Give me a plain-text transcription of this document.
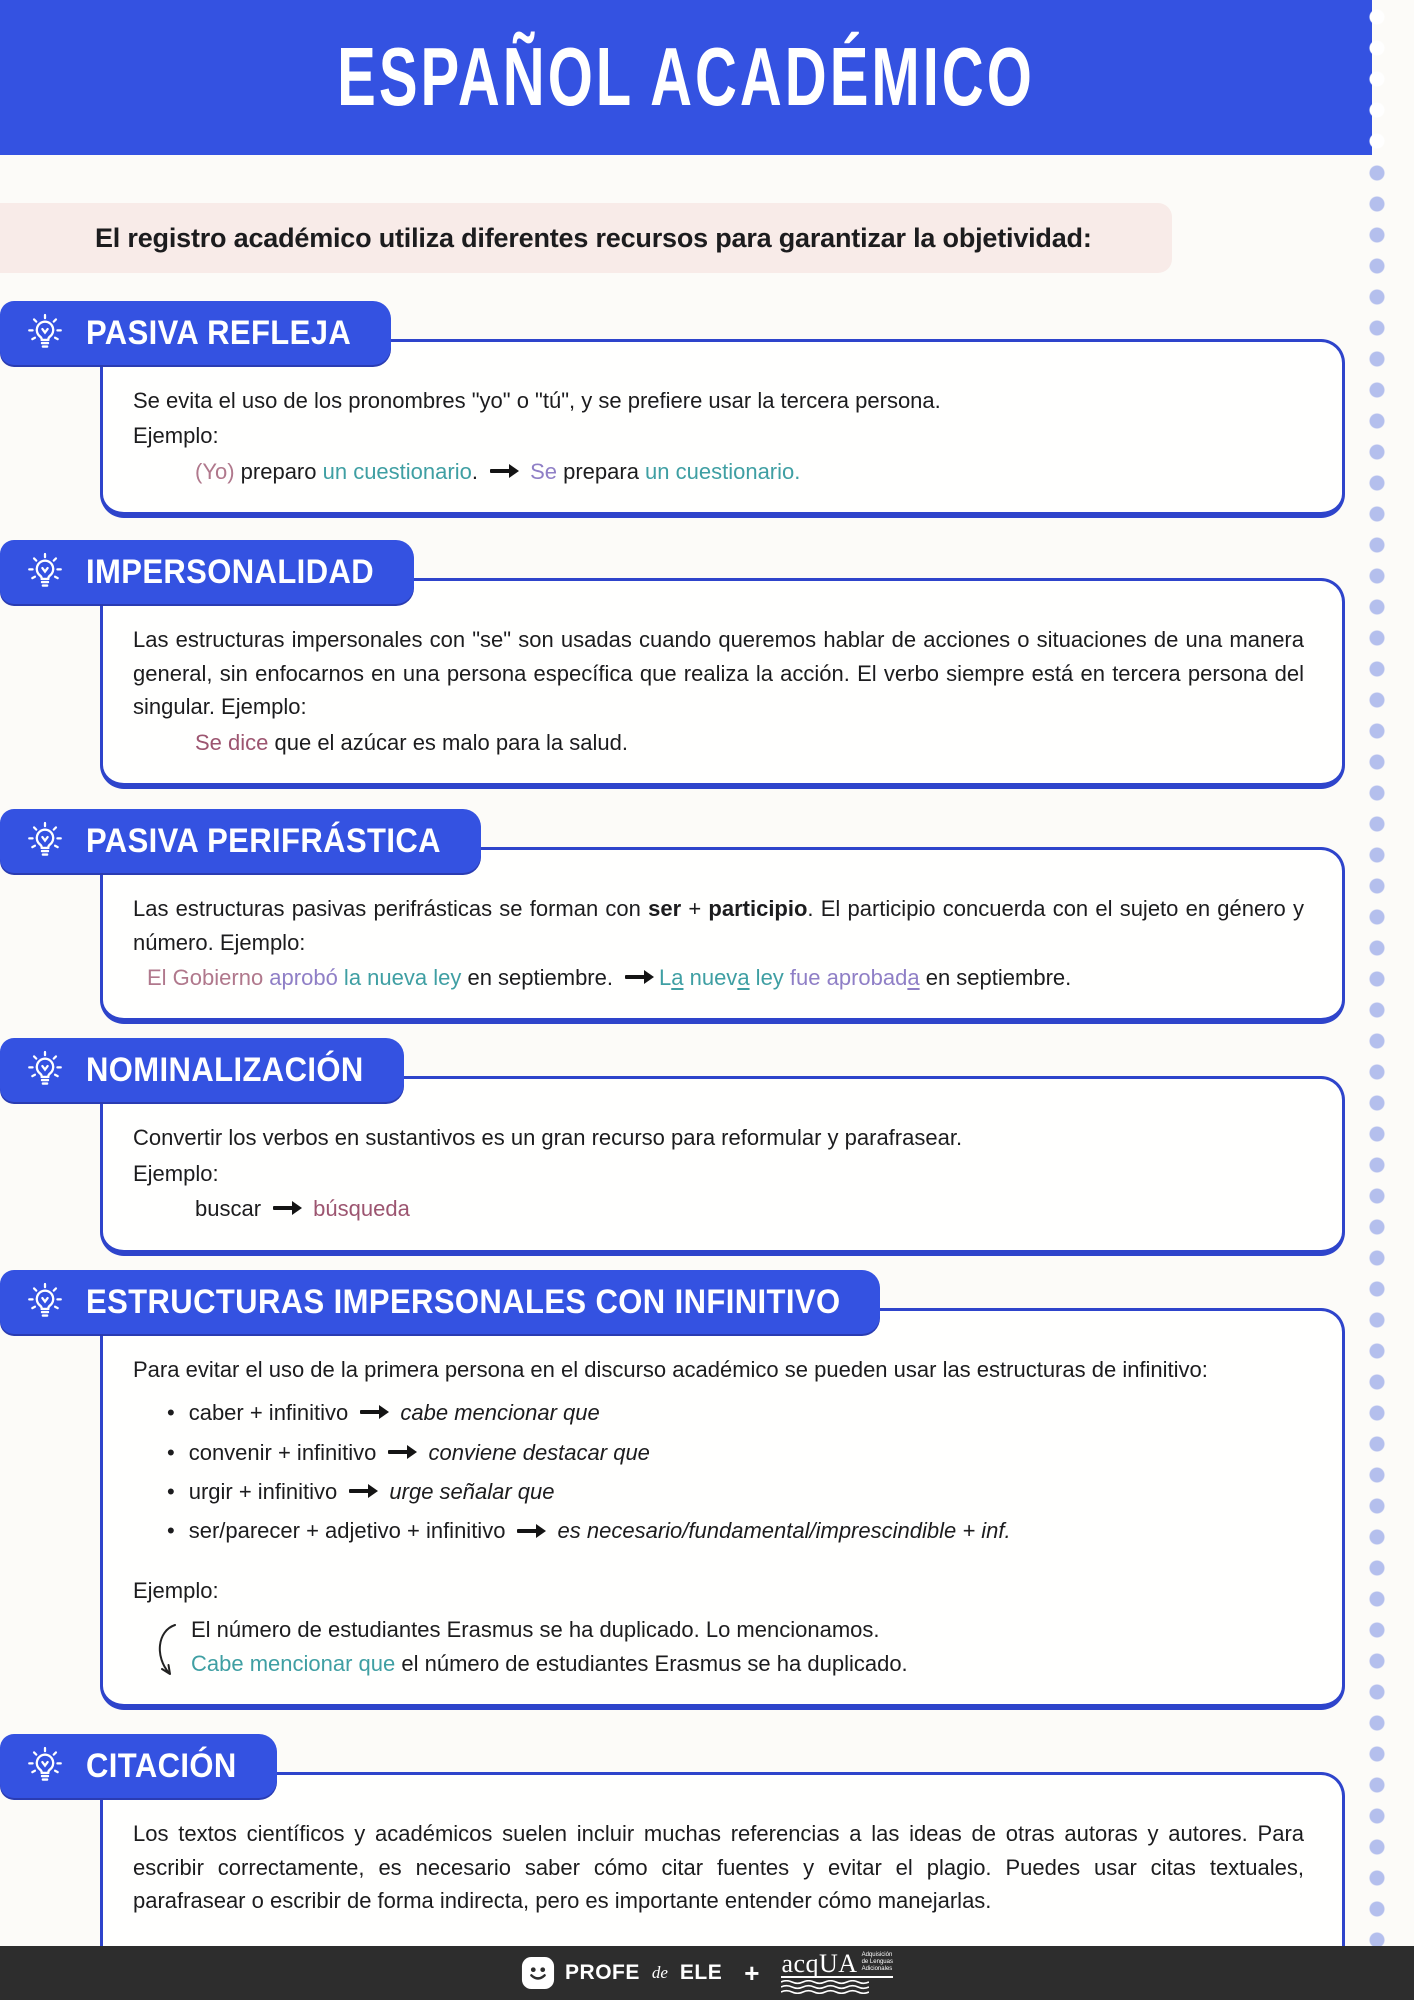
ESPAÑOL ACADÉMICO
El registro académico utiliza diferentes recursos para garantizar la objetividad:
PASIVA REFLEJA

Se evita el uso de los pronombres "yo" o "tú", y se prefiere usar la tercera persona.

Ejemplo:

(Yo) preparo un cuestionario. Se prepara un cuestionario.

IMPERSONALIDAD

Las estructuras impersonales con "se" son usadas cuando queremos hablar de acciones o situaciones de una manera general, sin enfocarnos en una persona específica que realiza la acción. El verbo siempre está en tercera persona del singular. Ejemplo:

Se dice que el azúcar es malo para la salud.

PASIVA PERIFRÁSTICA

Las estructuras pasivas perifrásticas se forman con ser + participio. El participio concuerda con el sujeto en género y número. Ejemplo:

El Gobierno aprobó la nueva ley en septiembre. La nueva ley fue aprobada en septiembre.

NOMINALIZACIÓN

Convertir los verbos en sustantivos es un gran recurso para reformular y parafrasear.

Ejemplo:

buscar búsqueda

ESTRUCTURAS IMPERSONALES CON INFINITIVO

Para evitar el uso de la primera persona en el discurso académico se pueden usar las estructuras de infinitivo:

• caber + infinitivo cabe mencionar que
• convenir + infinitivo conviene destacar que
• urgir + infinitivo urge señalar que
• ser/parecer + adjetivo + infinitivo es necesario/fundamental/imprescindible + inf.

Ejemplo:

El número de estudiantes Erasmus se ha duplicado. Lo mencionamos.

Cabe mencionar que el número de estudiantes Erasmus se ha duplicado.

CITACIÓN

Los textos científicos y académicos suelen incluir muchas referencias a las ideas de otras autoras y autores. Para escribir correctamente, es necesario saber cómo citar fuentes y evitar el plagio. Puedes usar citas textuales, parafrasear o escribir de forma indirecta, pero es importante entender cómo manejarlas.

PROFE de ELE + acqUA Adquisición
de Lenguas
Adicionales
